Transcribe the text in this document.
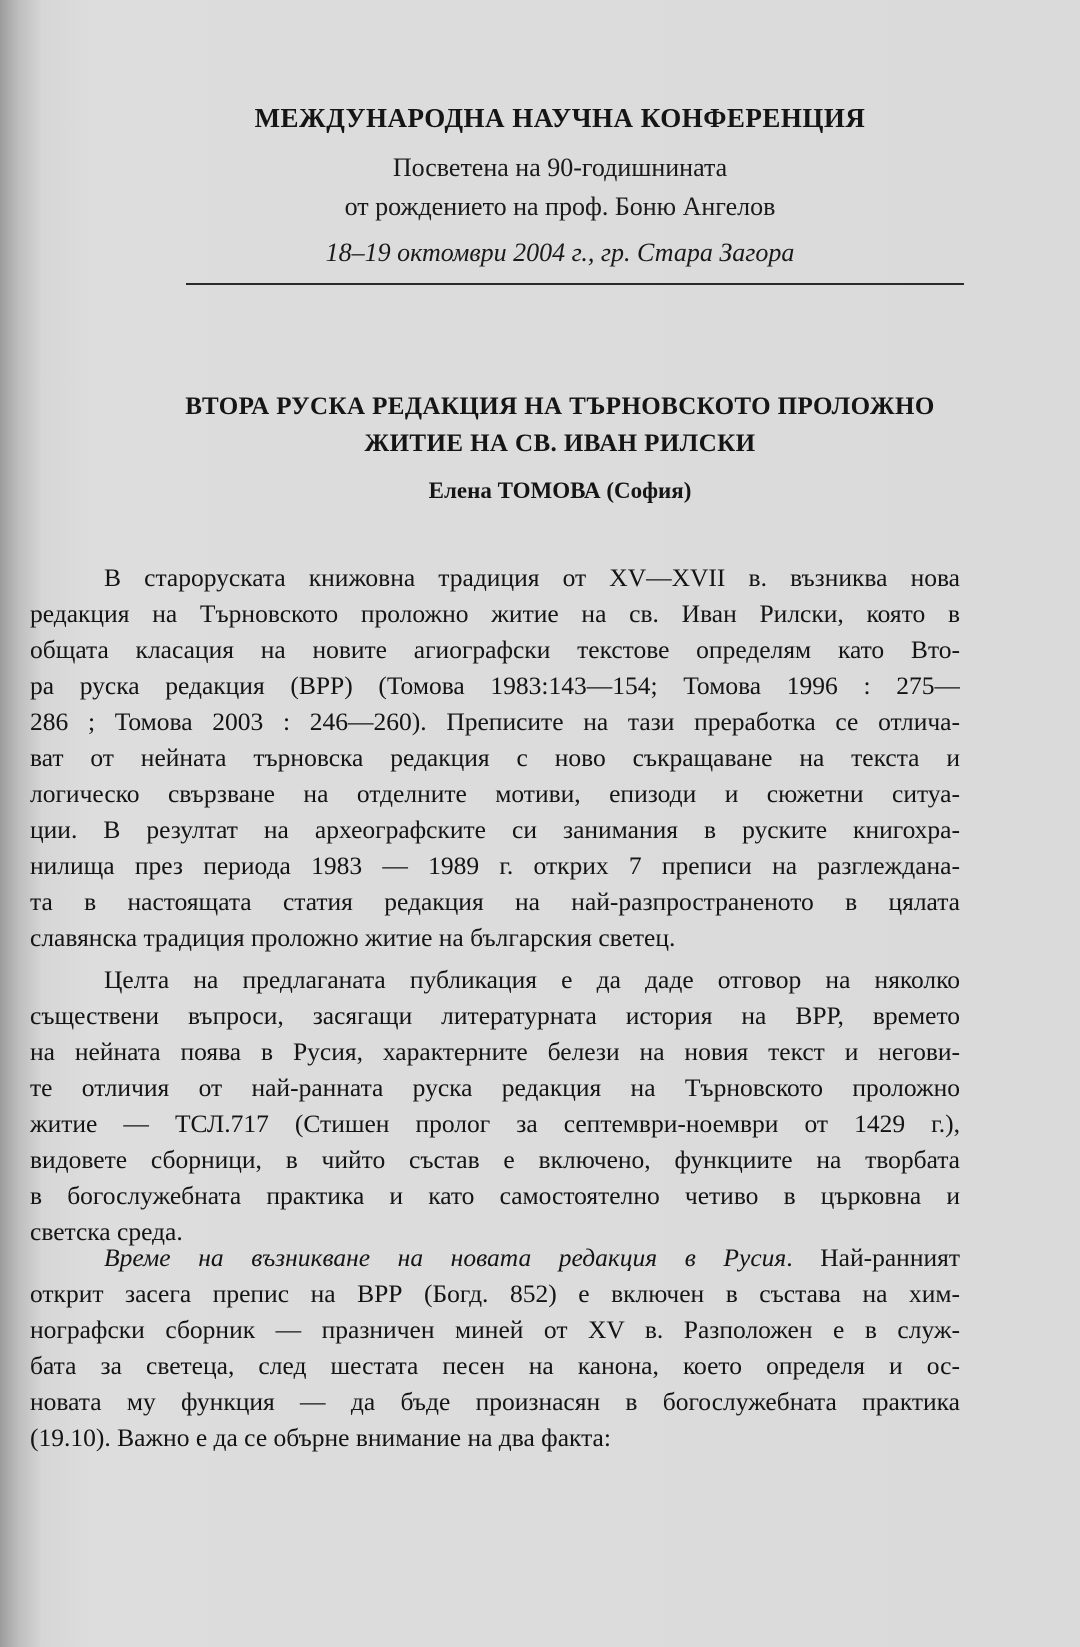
МЕЖДУНАРОДНА НАУЧНА КОНФЕРЕНЦИЯ
Посветена на 90-годишнината
от рождението на проф. Боню Ангелов
18–19 октомври 2004 г., гр. Стара Загора
ВТОРА РУСКА РЕДАКЦИЯ НА ТЪРНОВСКОТО ПРОЛОЖНО
ЖИТИЕ НА СВ. ИВАН РИЛСКИ
Елена ТОМОВА (София)
В староруската книжовна традиция от XV—XVII в. възниква нова
редакция на Търновското проложно житие на св. Иван Рилски, която в
общата класация на новите агиографски текстове определям като Вто-
ра руска редакция (ВРР) (Томова 1983:143—154; Томова 1996 : 275—
286 ; Томова 2003 : 246—260). Преписите на тази преработка се отлича-
ват от нейната търновска редакция с ново съкращаване на текста и
логическо свързване на отделните мотиви, епизоди и сюжетни ситуа-
ции. В резултат на археографските си занимания в руските книгохра-
нилища през периода 1983 — 1989 г. открих 7 преписи на разглеждана-
та в настоящата статия редакция на най-разпространеното в цялата
славянска традиция проложно житие на българския светец.
Целта на предлаганата публикация е да даде отговор на няколко
съществени въпроси, засягащи литературната история на ВРР, времето
на нейната поява в Русия, характерните белези на новия текст и негови-
те отличия от най-ранната руска редакция на Търновското проложно
житие — ТСЛ.717 (Стишен пролог за септември-ноември от 1429 г.),
видовете сборници, в чийто състав е включено, функциите на творбата
в богослужебната практика и като самостоятелно четиво в църковна и
светска среда.
Време на възникване на новата редакция в Русия. Най-ранният
открит засега препис на ВРР (Богд. 852) е включен в състава на хим-
нографски сборник — празничен миней от XV в. Разположен е в служ-
бата за светеца, след шестата песен на канона, което определя и ос-
новата му функция — да бъде произнасян в богослужебната практика
(19.10). Важно е да се обърне внимание на два факта:
